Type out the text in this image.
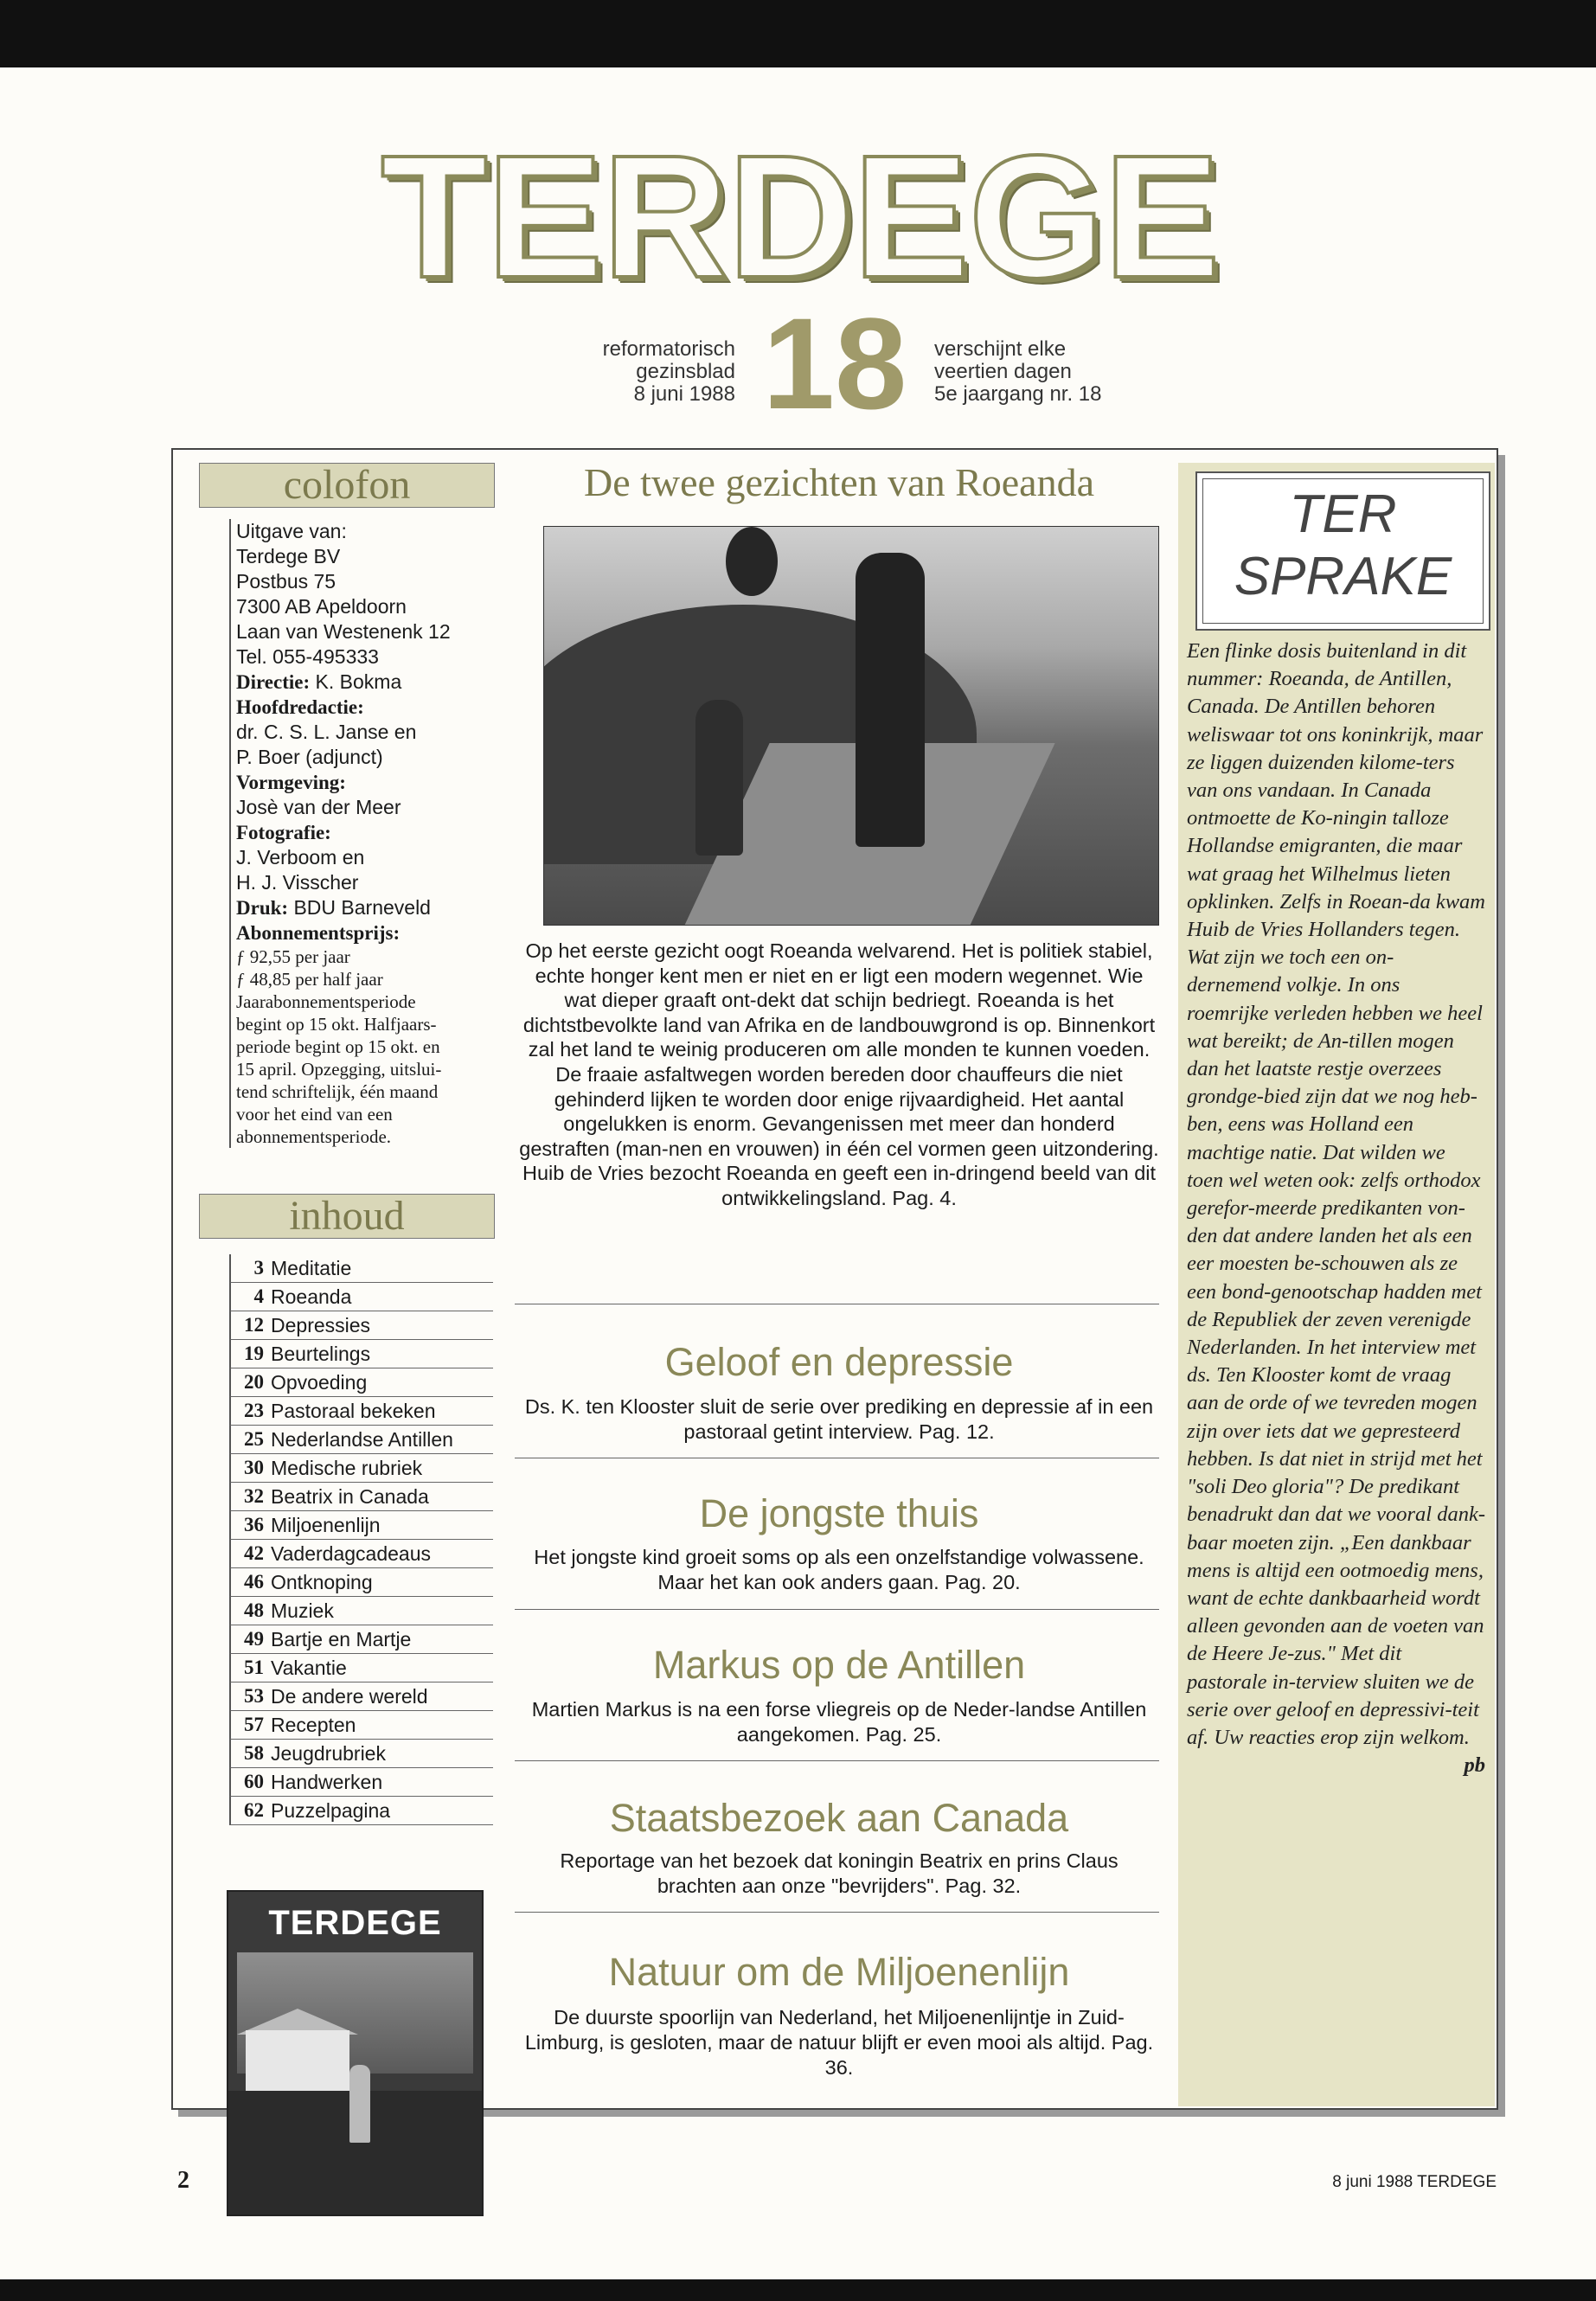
TERDEGE
reformatorisch
gezinsblad
8 juni 1988 18	verschijnt elke
veertien dagen
5e jaargang nr. 18
colofon
Uitgave van:
Terdege BV
Postbus 75
7300 AB Apeldoorn
Laan van Westenenk 12
Tel. 055-495333
Directie: K. Bokma
Hoofdredactie:
dr. C. S. L. Janse en
P. Boer (adjunct)
Vormgeving:
Josè van der Meer
Fotografie:
J. Verboom en
H. J. Visscher
Druk: BDU Barneveld
Abonnementsprijs:
ƒ 92,55 per jaar
ƒ 48,85 per half jaar
Jaarabonnementsperiode
begint op 15 okt. Halfjaars-
periode begint op 15 okt. en
15 april. Opzegging, uitslui-
tend schriftelijk, één maand
voor het eind van een
abonnementsperiode.
inhoud
3 Meditatie
4 Roeanda
12 Depressies
19 Beurtelings
20 Opvoeding
23 Pastoraal bekeken
25 Nederlandse Antillen
30 Medische rubriek
32 Beatrix in Canada
36 Miljoenenlijn
42 Vaderdagcadeaus
46 Ontknoping
48 Muziek
49 Bartje en Martje
51 Vakantie
53 De andere wereld
57 Recepten
58 Jeugdrubriek
60 Handwerken
62 Puzzelpagina
TERDEGE
De twee gezichten van Roeanda
Op het eerste gezicht oogt Roeanda welvarend. Het is politiek stabiel, echte honger kent men er niet en er ligt een modern wegennet. Wie wat dieper graaft ont-dekt dat schijn bedriegt. Roeanda is het dichtstbevolkte land van Afrika en de landbouwgrond is op. Binnenkort zal het land te weinig produceren om alle monden te kunnen voeden. De fraaie asfaltwegen worden bereden door chauffeurs die niet gehinderd lijken te worden door enige rijvaardigheid. Het aantal ongelukken is enorm. Gevangenissen met meer dan honderd gestraften (man-nen en vrouwen) in één cel vormen geen uitzondering. Huib de Vries bezocht Roeanda en geeft een in-dringend beeld van dit ontwikkelingsland. Pag. 4.
Geloof en depressie
Ds. K. ten Klooster sluit de serie over prediking en depressie af in een pastoraal getint interview. Pag. 12.
De jongste thuis
Het jongste kind groeit soms op als een onzelfstandige volwassene. Maar het kan ook anders gaan. Pag. 20.
Markus op de Antillen
Martien Markus is na een forse vliegreis op de Neder-landse Antillen aangekomen. Pag. 25.
Staatsbezoek aan Canada
Reportage van het bezoek dat koningin Beatrix en prins Claus brachten aan onze "bevrijders". Pag. 32.
Natuur om de Miljoenenlijn
De duurste spoorlijn van Nederland, het Miljoenenlijntje in Zuid-Limburg, is gesloten, maar de natuur blijft er even mooi als altijd. Pag. 36.
TER
SPRAKE
Een flinke dosis buitenland in dit nummer: Roeanda, de Antillen, Canada. De Antillen behoren weliswaar tot ons koninkrijk, maar ze liggen duizenden kilome-ters van ons vandaan. In Canada ontmoette de Ko-ningin talloze Hollandse emigranten, die maar wat graag het Wilhelmus lieten opklinken. Zelfs in Roean-da kwam Huib de Vries Hollanders tegen. Wat zijn we toch een on-dernemend volkje. In ons roemrijke verleden hebben we heel wat bereikt; de An-tillen mogen dan het laatste restje overzees grondge-bied zijn dat we nog heb-ben, eens was Holland een machtige natie. Dat wilden we toen wel weten ook: zelfs orthodox gerefor-meerde predikanten von-den dat andere landen het als een eer moesten be-schouwen als ze een bond-genootschap hadden met de Republiek der zeven verenigde Nederlanden. In het interview met ds. Ten Klooster komt de vraag aan de orde of we tevreden mogen zijn over iets dat we gepresteerd hebben. Is dat niet in strijd met het "soli Deo gloria"? De predikant benadrukt dan dat we vooral dank-baar moeten zijn. „Een dankbaar mens is altijd een ootmoedig mens, want de echte dankbaarheid wordt alleen gevonden aan de voeten van de Heere Je-zus." Met dit pastorale in-terview sluiten we de serie over geloof en depressivi-teit af. Uw reacties erop zijn welkom.
pb
2	8 juni 1988 TERDEGE
